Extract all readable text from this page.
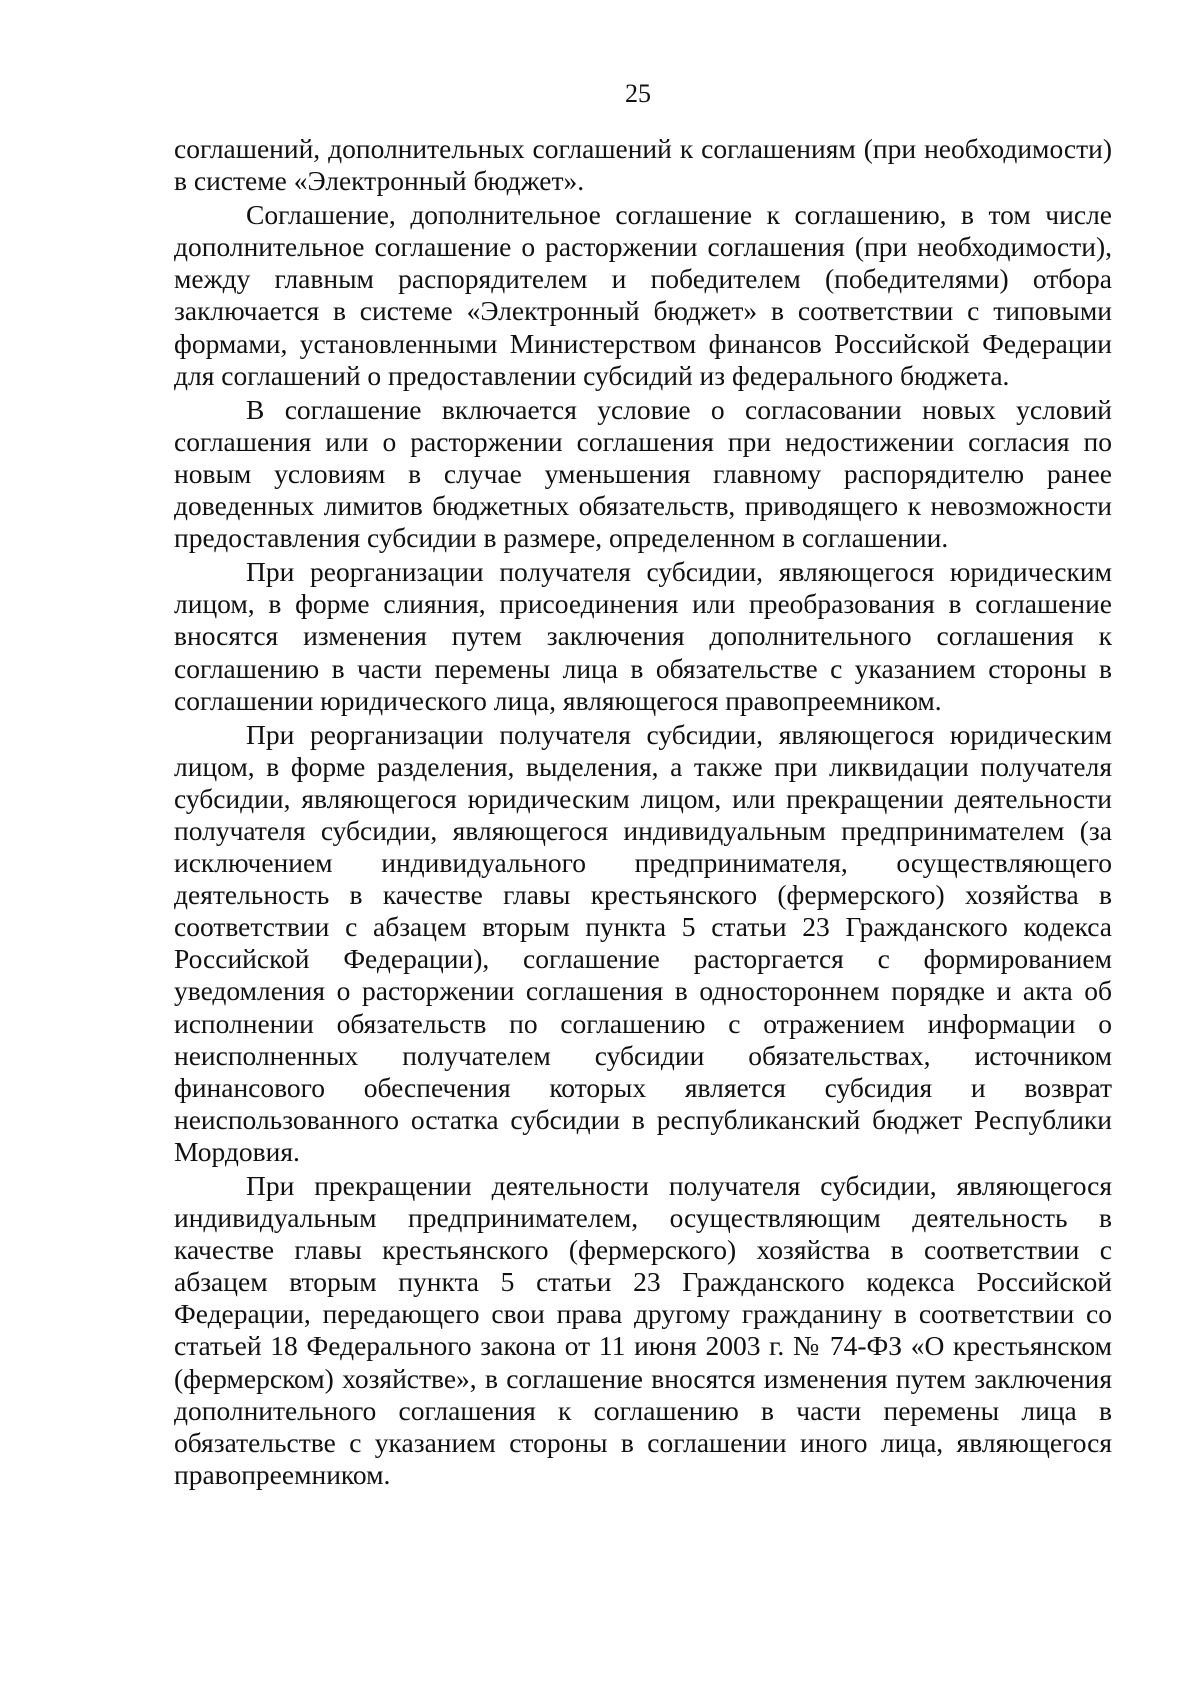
25

соглашений, дополнительных соглашений к соглашениям (при необходимости) в системе «Электронный бюджет».

Соглашение, дополнительное соглашение к соглашению, в том числе дополнительное соглашение о расторжении соглашения (при необходимости), между главным распорядителем и победителем (победителями) отбора заключается в системе «Электронный бюджет» в соответствии с типовыми формами, установленными Министерством финансов Российской Федерации для соглашений о предоставлении субсидий из федерального бюджета.

В соглашение включается условие о согласовании новых условий соглашения или о расторжении соглашения при недостижении согласия по новым условиям в случае уменьшения главному распорядителю ранее доведенных лимитов бюджетных обязательств, приводящего к невозможности предоставления субсидии в размере, определенном в соглашении.

При реорганизации получателя субсидии, являющегося юридическим лицом, в форме слияния, присоединения или преобразования в соглашение вносятся изменения путем заключения дополнительного соглашения к соглашению в части перемены лица в обязательстве с указанием стороны в соглашении юридического лица, являющегося правопреемником.

При реорганизации получателя субсидии, являющегося юридическим лицом, в форме разделения, выделения, а также при ликвидации получателя субсидии, являющегося юридическим лицом, или прекращении деятельности получателя субсидии, являющегося индивидуальным предпринимателем (за исключением индивидуального предпринимателя, осуществляющего деятельность в качестве главы крестьянского (фермерского) хозяйства в соответствии с абзацем вторым пункта 5 статьи 23 Гражданского кодекса Российской Федерации), соглашение расторгается с формированием уведомления о расторжении соглашения в одностороннем порядке и акта об исполнении обязательств по соглашению с отражением информации о неисполненных получателем субсидии обязательствах, источником финансового обеспечения которых является субсидия и возврат неиспользованного остатка субсидии в республиканский бюджет Республики Мордовия.

При прекращении деятельности получателя субсидии, являющегося индивидуальным предпринимателем, осуществляющим деятельность в качестве главы крестьянского (фермерского) хозяйства в соответствии с абзацем вторым пункта 5 статьи 23 Гражданского кодекса Российской Федерации, передающего свои права другому гражданину в соответствии со статьей 18 Федерального закона от 11 июня 2003 г. № 74-ФЗ «О крестьянском (фермерском) хозяйстве», в соглашение вносятся изменения путем заключения дополнительного соглашения к соглашению в части перемены лица в обязательстве с указанием стороны в соглашении иного лица, являющегося правопреемником.
